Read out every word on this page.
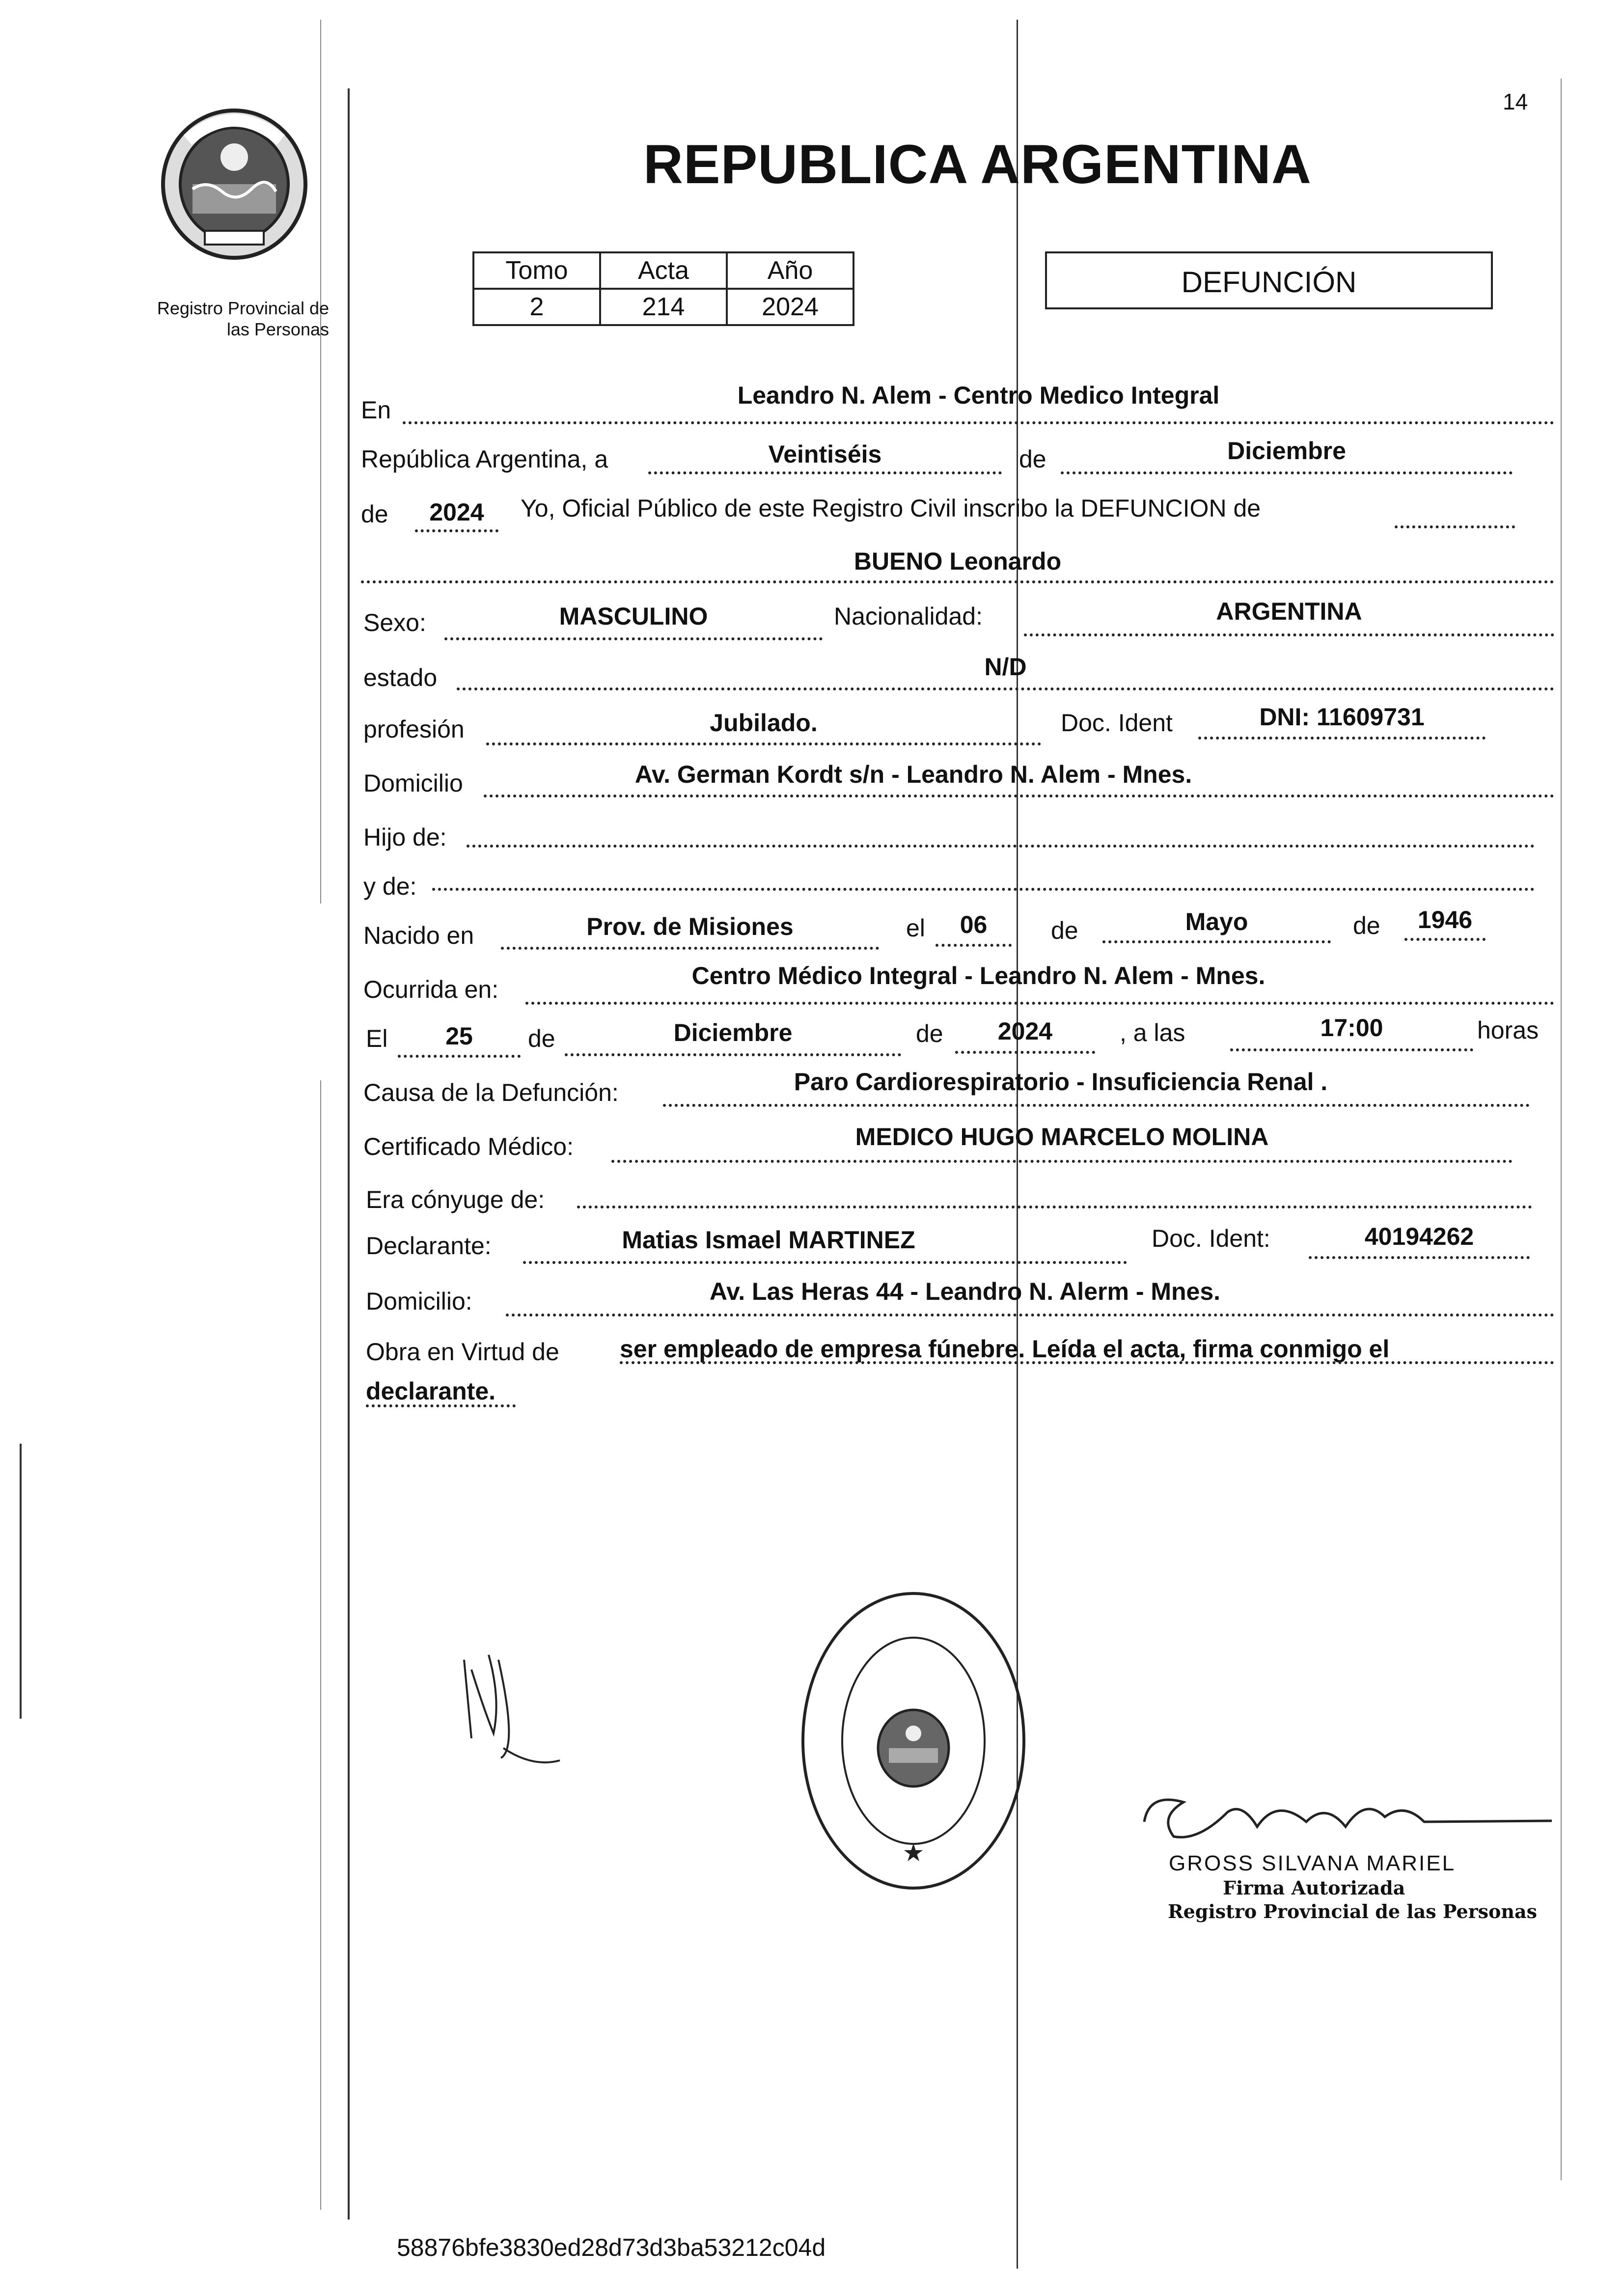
14
Registro Provincial de
las Personas
REPUBLICA ARGENTINA
Tomo	Acta	Año
2	214	2024
DEFUNCIÓN
En
Leandro N. Alem - Centro Medico Integral
República Argentina, a	Veintiséis	de	Diciembre
de	2024	Yo, Oficial Público de este Registro Civil inscribo la DEFUNCION de
BUENO Leonardo
Sexo:	MASCULINO	Nacionalidad:	ARGENTINA
estado	N/D
profesión	Jubilado.	Doc. Ident	DNI: 11609731
Domicilio	Av. German Kordt s/n - Leandro N. Alem - Mnes.
Hijo de:
y de:
Nacido en	Prov. de Misiones	el	06	de	Mayo	de	1946
Ocurrida en:	Centro Médico Integral - Leandro N. Alem - Mnes.
El	25	de	Diciembre	de	2024	, a las	17:00	horas
Causa de la Defunción:	Paro Cardiorespiratorio - Insuficiencia Renal .
Certificado Médico:	MEDICO HUGO MARCELO MOLINA
Era cónyuge de:
Declarante:	Matias Ismael MARTINEZ	Doc. Ident:	40194262
Domicilio:	Av. Las Heras 44 - Leandro N. Alerm - Mnes.
Obra en Virtud de ser empleado de empresa fúnebre. Leída el acta, firma conmigo el
declarante.
★	GROSS SILVANA MARIEL
Firma Autorizada
Registro Provincial de las Personas
58876bfe3830ed28d73d3ba53212c04d
